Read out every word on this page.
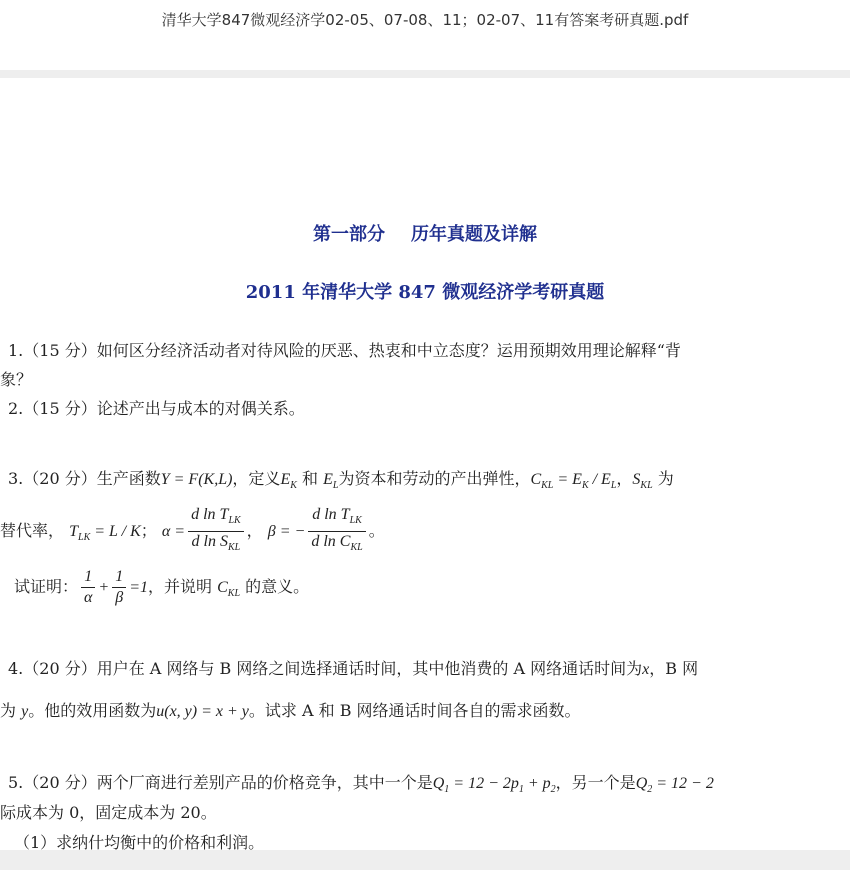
清华大学847微观经济学02-05、07-08、11；02-07、11有答案考研真题.pdf
第一部分 历年真题及详解
2011 年清华大学 847 微观经济学考研真题
1.（15 分）如何区分经济活动者对待风险的厌恶、热衷和中立态度？运用预期效用理论解释“背
象？
2.（15 分）论述产出与成本的对偶关系。
3.（20 分）生产函数Y = F(K,L)，定义$E_K$ 和 $E_L$为资本和劳动的产出弹性，$C_{KL} = E_K / E_L$，$S_{KL}$ 为
替代率， $T_{LK} = L / K$； $\alpha = \frac{d \ln T_{LK}}{d \ln S_{KL}}$ ， β = − $\frac{d \ln T_{LK}}{d \ln C_{KL}}$ 。
试证明： $\frac{1}{\alpha} + \frac{1}{\beta} =1$，并说明 $C_{KL}$ 的意义。
4.（20 分）用户在 A 网络与 B 网络之间选择通话时间，其中他消费的 A 网络通话时间为x，B 网
为 y。他的效用函数为u(x, y) = x + y。试求 A 和 B 网络通话时间各自的需求函数。
5.（20 分）两个厂商进行差别产品的价格竞争，其中一个是$Q_1 = 12 - 2p_1 + p_2$，另一个是$Q_2 = 12 - 2$
际成本为 0，固定成本为 20。
（1）求纳什均衡中的价格和利润。
